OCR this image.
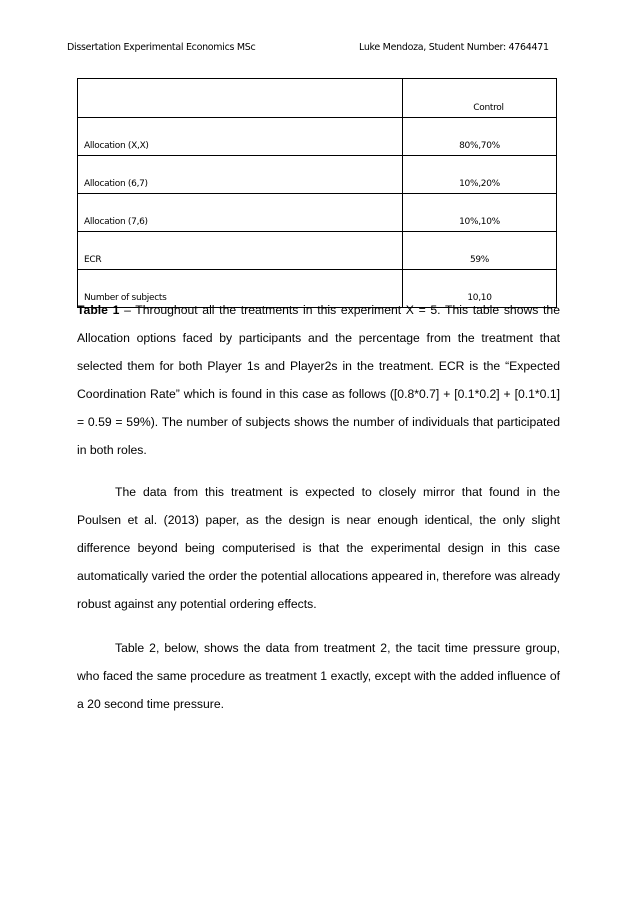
Dissertation Experimental Economics MSc	Luke Mendoza, Student Number: 4764471
	Control
Allocation (X,X)	80%,70%
Allocation (6,7)	10%,20%
Allocation (7,6)	10%,10%
ECR	59%
Number of subjects	10,10

Table 1 – Throughout all the treatments in this experiment X = 5. This table shows the Allocation options faced by participants and the percentage from the treatment that selected them for both Player 1s and Player2s in the treatment. ECR is the “Expected Coordination Rate” which is found in this case as follows ([0.8*0.7] + [0.1*0.2] + [0.1*0.1] = 0.59 = 59%). The number of subjects shows the number of individuals that participated in both roles.

The data from this treatment is expected to closely mirror that found in the Poulsen et al. (2013) paper, as the design is near enough identical, the only slight difference beyond being computerised is that the experimental design in this case automatically varied the order the potential allocations appeared in, therefore was already robust against any potential ordering effects.

Table 2, below, shows the data from treatment 2, the tacit time pressure group, who faced the same procedure as treatment 1 exactly, except with the added influence of a 20 second time pressure.
